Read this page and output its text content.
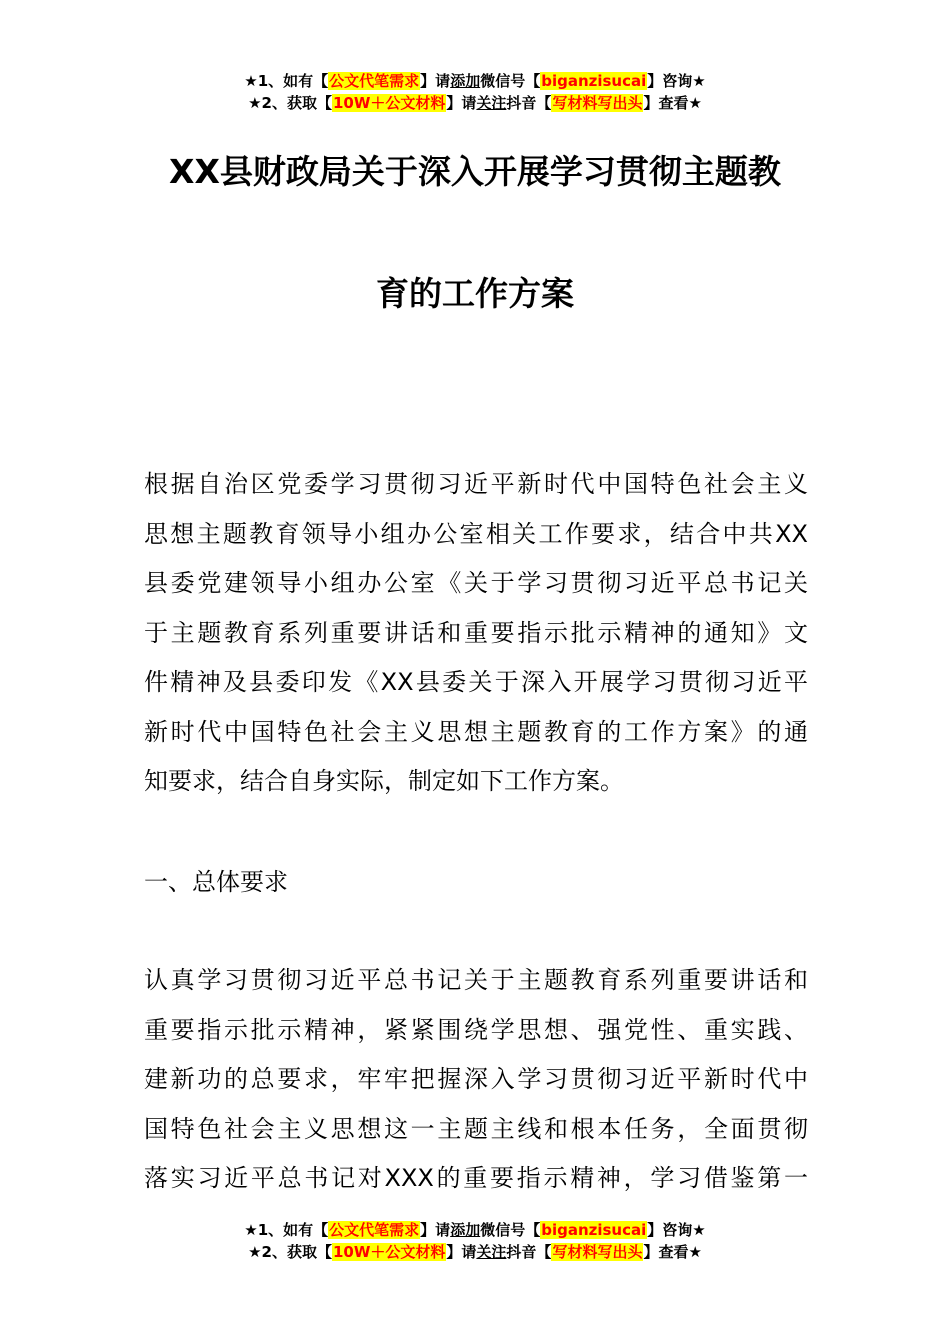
★1、如有【公文代笔需求】请添加微信号【biganzisucai】咨询★
★2、获取【10W＋公文材料】请关注抖音【写材料写出头】查看★
XX县财政局关于深入开展学习贯彻主题教
育的工作方案
根据自治区党委学习贯彻习近平新时代中国特色社会主义
思想主题教育领导小组办公室相关工作要求，结合中共XX
县委党建领导小组办公室《关于学习贯彻习近平总书记关
于主题教育系列重要讲话和重要指示批示精神的通知》文
件精神及县委印发《XX县委关于深入开展学习贯彻习近平
新时代中国特色社会主义思想主题教育的工作方案》的通
知要求，结合自身实际，制定如下工作方案。
一、总体要求
认真学习贯彻习近平总书记关于主题教育系列重要讲话和
重要指示批示精神，紧紧围绕学思想、强党性、重实践、
建新功的总要求，牢牢把握深入学习贯彻习近平新时代中
国特色社会主义思想这一主题主线和根本任务，全面贯彻
落实习近平总书记对XXX的重要指示精神，学习借鉴第一
★1、如有【公文代笔需求】请添加微信号【biganzisucai】咨询★
★2、获取【10W＋公文材料】请关注抖音【写材料写出头】查看★
